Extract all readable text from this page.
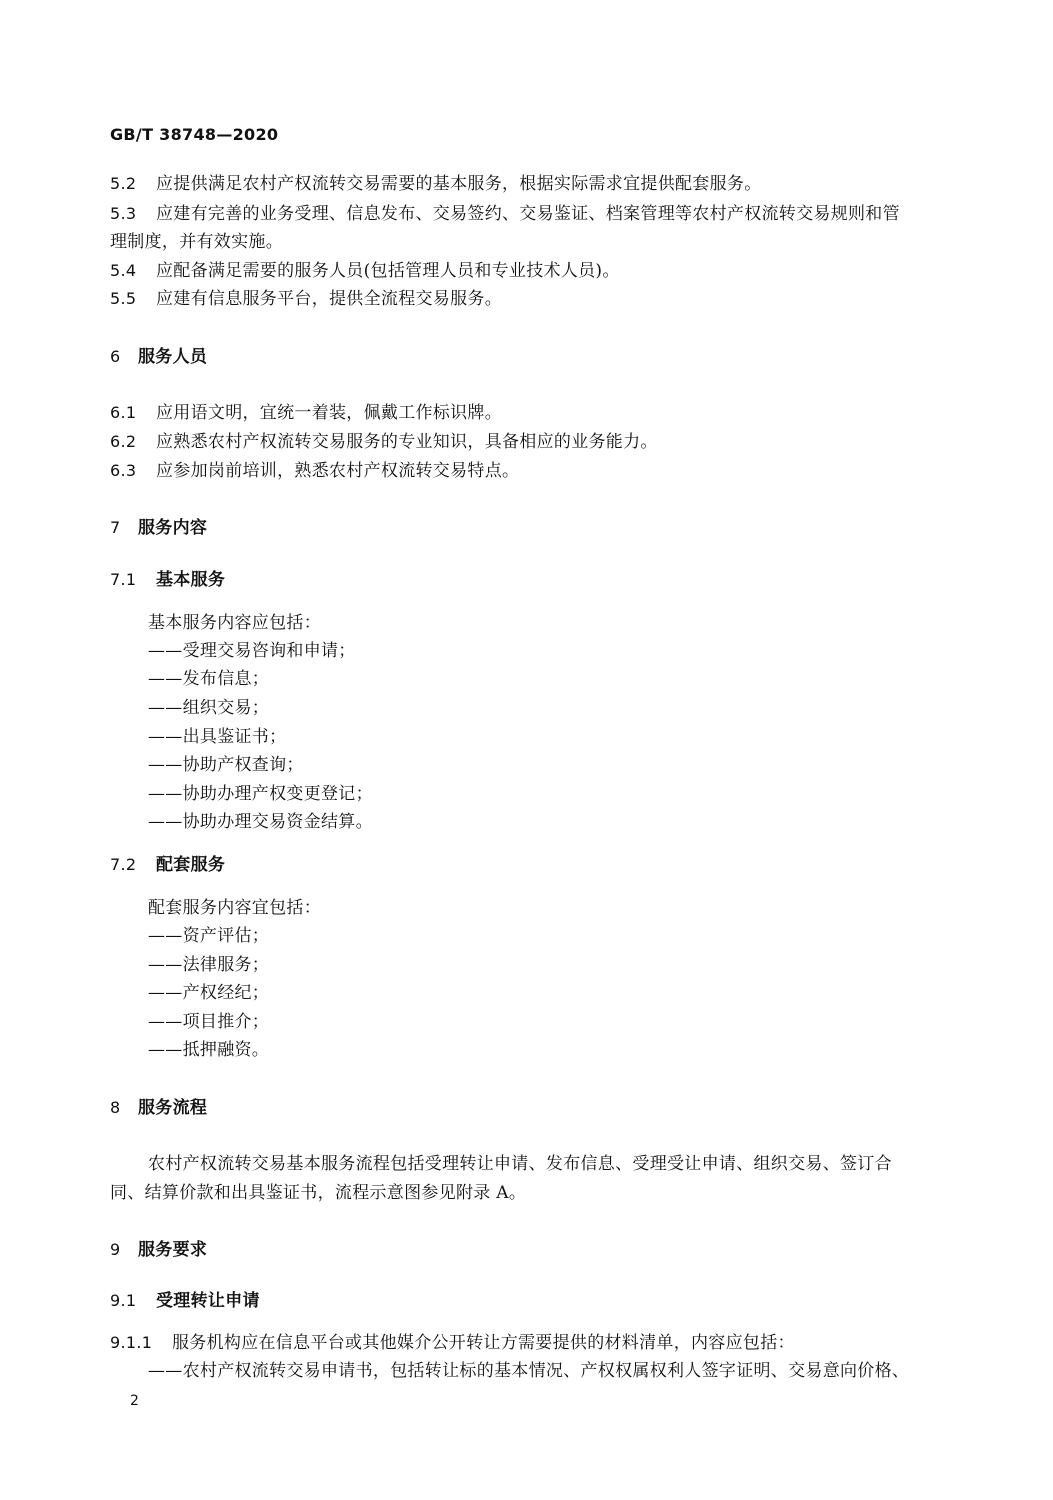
GB/T 38748—2020
5.2 应提供满足农村产权流转交易需要的基本服务，根据实际需求宜提供配套服务。
5.3 应建有完善的业务受理、信息发布、交易签约、交易鉴证、档案管理等农村产权流转交易规则和管
理制度，并有效实施。
5.4 应配备满足需要的服务人员(包括管理人员和专业技术人员)。
5.5 应建有信息服务平台，提供全流程交易服务。
6 服务人员
6.1 应用语文明，宜统一着装，佩戴工作标识牌。
6.2 应熟悉农村产权流转交易服务的专业知识，具备相应的业务能力。
6.3 应参加岗前培训，熟悉农村产权流转交易特点。
7 服务内容
7.1 基本服务
基本服务内容应包括：
——受理交易咨询和申请；
——发布信息；
——组织交易；
——出具鉴证书；
——协助产权查询；
——协助办理产权变更登记；
——协助办理交易资金结算。
7.2 配套服务
配套服务内容宜包括：
——资产评估；
——法律服务；
——产权经纪；
——项目推介；
——抵押融资。
8 服务流程
农村产权流转交易基本服务流程包括受理转让申请、发布信息、受理受让申请、组织交易、签订合
同、结算价款和出具鉴证书，流程示意图参见附录 A。
9 服务要求
9.1 受理转让申请
9.1.1 服务机构应在信息平台或其他媒介公开转让方需要提供的材料清单，内容应包括：
——农村产权流转交易申请书，包括转让标的基本情况、产权权属权利人签字证明、交易意向价格、
2
